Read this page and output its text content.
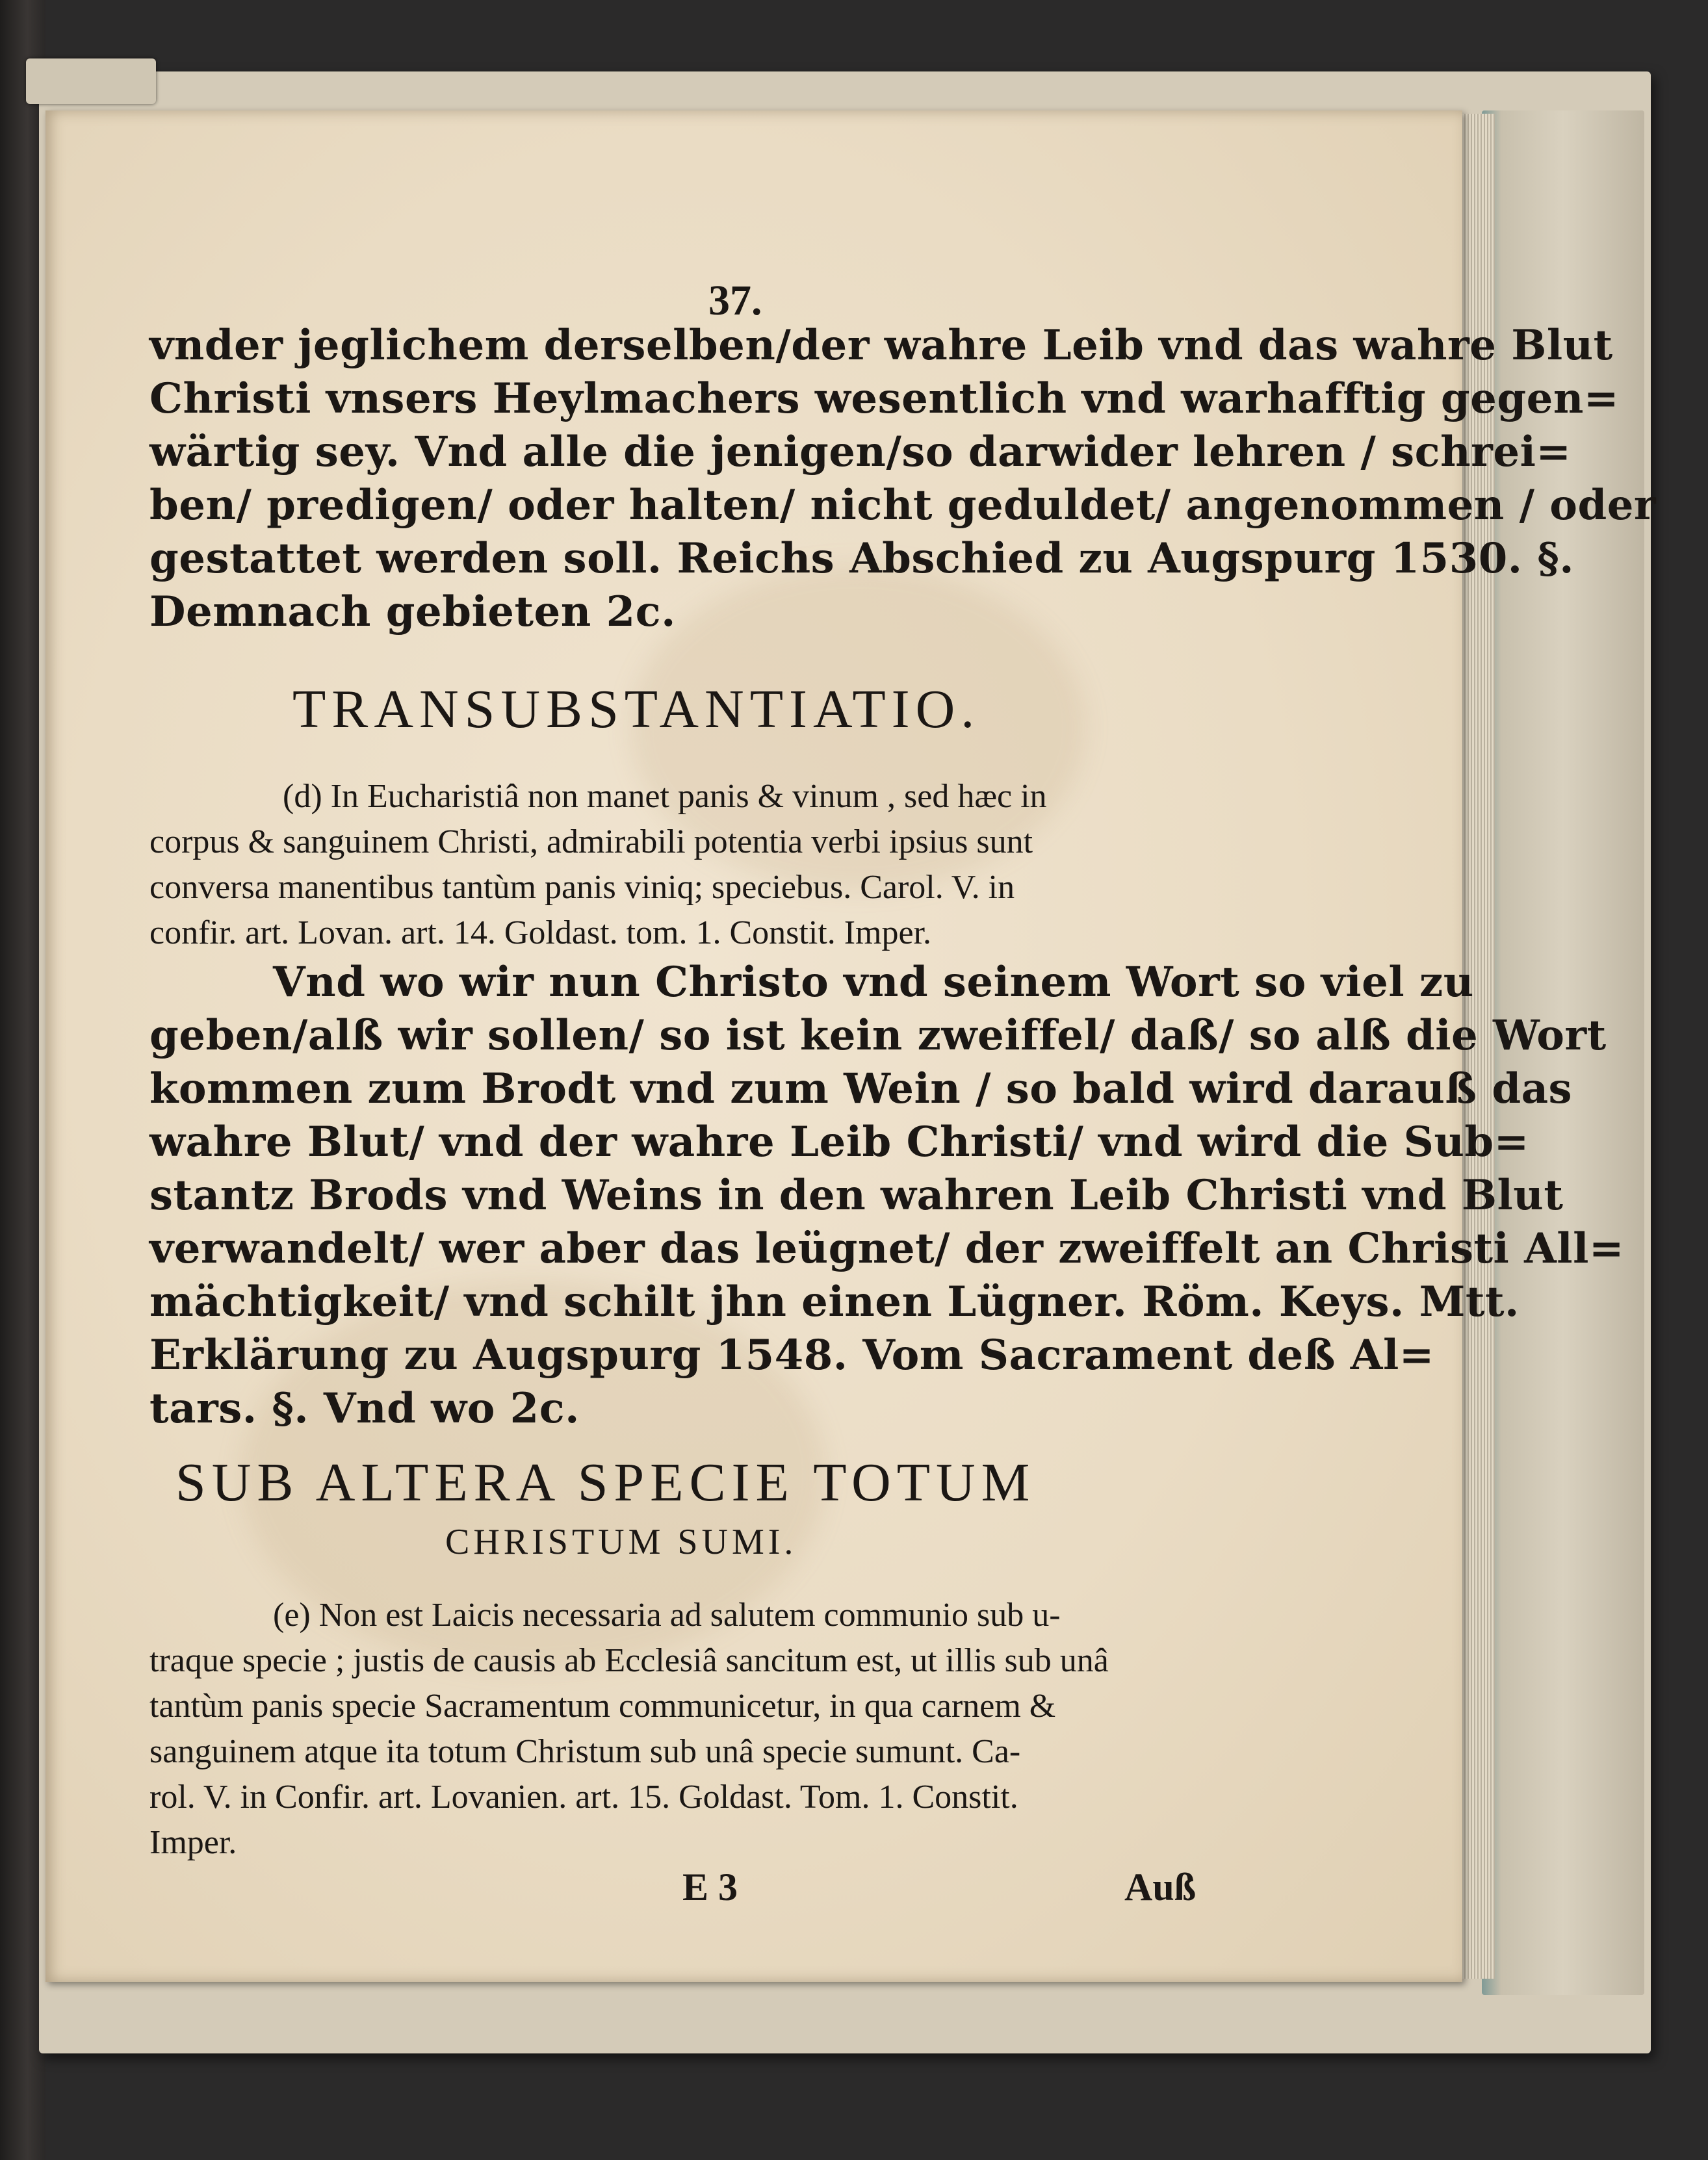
37.
vnder jeglichem derselben/der wahre Leib vnd das wahre Blut
Christi vnsers Heylmachers wesentlich vnd warhafftig gegen=
wärtig sey. Vnd alle die jenigen/so darwider lehren / schrei=
ben/ predigen/ oder halten/ nicht geduldet/ angenommen / oder
gestattet werden soll. Reichs Abschied zu Augspurg 1530. §.
Demnach gebieten 2c.
TRANSUBSTANTIATIO.
(d) In Eucharistiâ non manet panis & vinum , sed hæc in
corpus & sanguinem Christi, admirabili potentia verbi ipsius sunt
conversa manentibus tantùm panis viniq; speciebus. Carol. V. in
confir. art. Lovan. art. 14. Goldast. tom. 1. Constit. Imper.
Vnd wo wir nun Christo vnd seinem Wort so viel zu
geben/alß wir sollen/ so ist kein zweiffel/ daß/ so alß die Wort
kommen zum Brodt vnd zum Wein / so bald wird darauß das
wahre Blut/ vnd der wahre Leib Christi/ vnd wird die Sub=
stantz Brods vnd Weins in den wahren Leib Christi vnd Blut
verwandelt/ wer aber das leügnet/ der zweiffelt an Christi All=
mächtigkeit/ vnd schilt jhn einen Lügner. Röm. Keys. Mtt.
Erklärung zu Augspurg 1548. Vom Sacrament deß Al=
tars. §. Vnd wo 2c.
SUB ALTERA SPECIE TOTUM
CHRISTUM SUMI.
(e) Non est Laicis necessaria ad salutem communio sub u-
traque specie ; justis de causis ab Ecclesiâ sancitum est, ut illis sub unâ
tantùm panis specie Sacramentum communicetur, in qua carnem &
sanguinem atque ita totum Christum sub unâ specie sumunt. Ca-
rol. V. in Confir. art. Lovanien. art. 15. Goldast. Tom. 1. Constit.
Imper.
E 3	Auß
